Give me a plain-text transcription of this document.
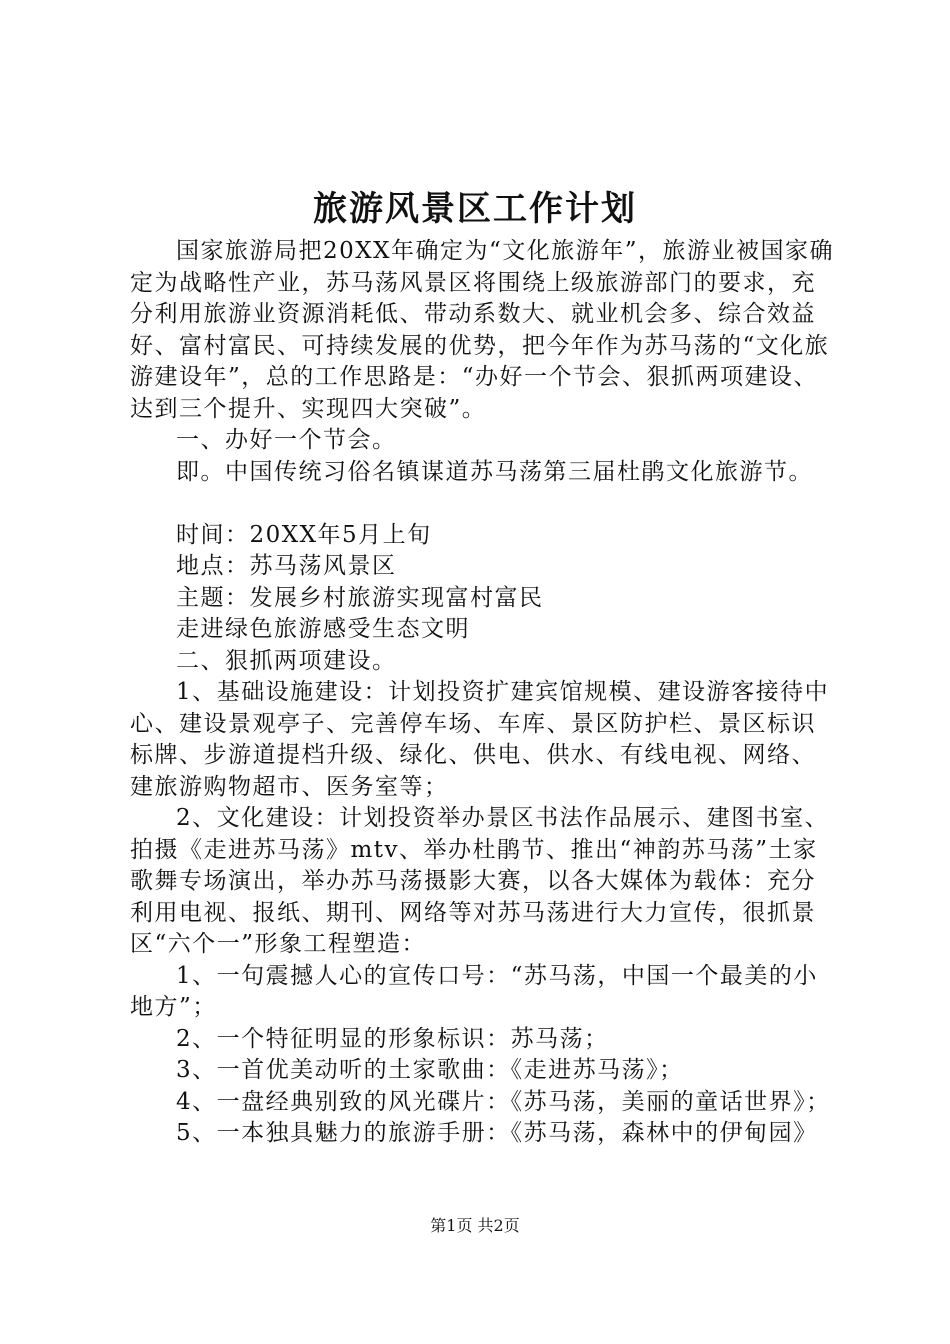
旅游风景区工作计划

国家旅游局把20XX年确定为“文化旅游年”，旅游业被国家确定为战略性产业，苏马荡风景区将围绕上级旅游部门的要求，充分利用旅游业资源消耗低、带动系数大、就业机会多、综合效益好、富村富民、可持续发展的优势，把今年作为苏马荡的“文化旅游建设年”，总的工作思路是：“办好一个节会、狠抓两项建设、达到三个提升、实现四大突破”。

一、办好一个节会。

即。中国传统习俗名镇谋道苏马荡第三届杜鹃文化旅游节。

时间：20XX年5月上旬

地点：苏马荡风景区

主题：发展乡村旅游实现富村富民

走进绿色旅游感受生态文明

二、狠抓两项建设。

1、基础设施建设：计划投资扩建宾馆规模、建设游客接待中心、建设景观亭子、完善停车场、车库、景区防护栏、景区标识标牌、步游道提档升级、绿化、供电、供水、有线电视、网络、建旅游购物超市、医务室等；

2、文化建设：计划投资举办景区书法作品展示、建图书室、拍摄《走进苏马荡》mtv、举办杜鹃节、推出“神韵苏马荡”土家歌舞专场演出，举办苏马荡摄影大赛，以各大媒体为载体：充分利用电视、报纸、期刊、网络等对苏马荡进行大力宣传，很抓景区“六个一”形象工程塑造：

1、一句震撼人心的宣传口号：“苏马荡，中国一个最美的小地方”；

2、一个特征明显的形象标识：苏马荡；

3、一首优美动听的土家歌曲：《走进苏马荡》；

4、一盘经典别致的风光碟片：《苏马荡，美丽的童话世界》；

5、一本独具魅力的旅游手册：《苏马荡，森林中的伊甸园》

第1页 共2页
